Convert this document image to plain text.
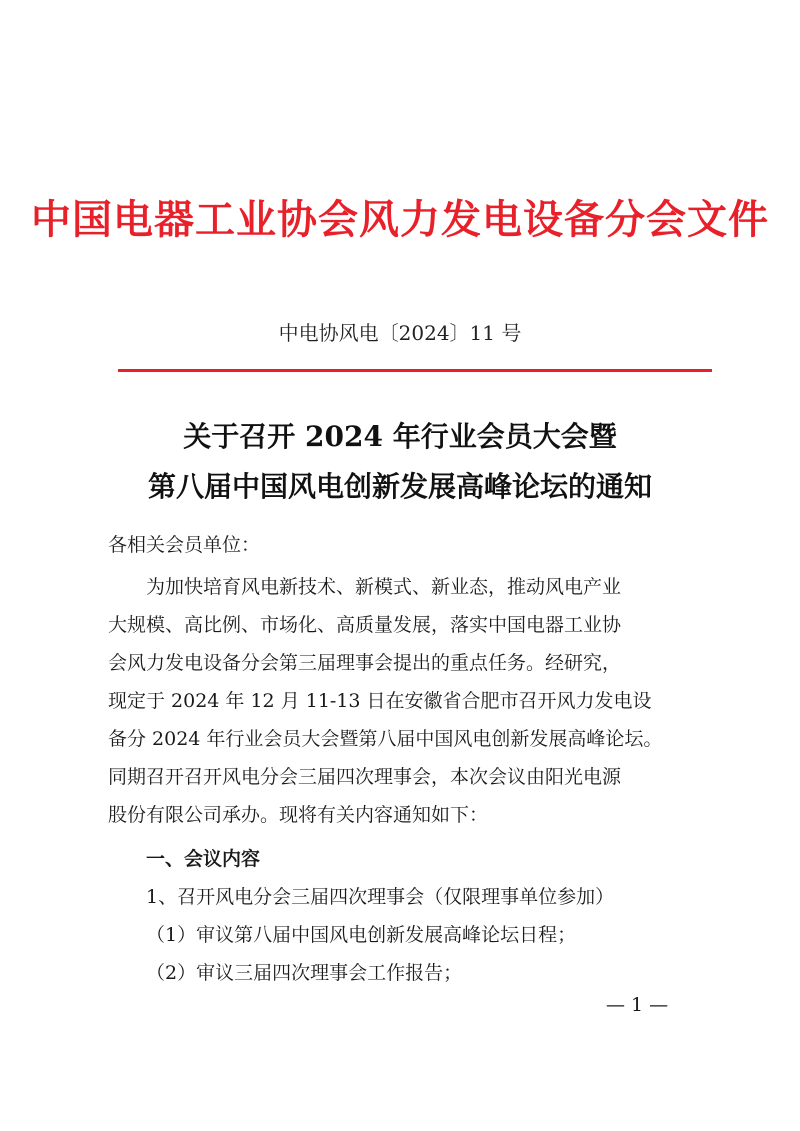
中国电器工业协会风力发电设备分会文件
中电协风电〔2024〕11 号
关于召开 2024 年行业会员大会暨
第八届中国风电创新发展高峰论坛的通知
各相关会员单位：
为加快培育风电新技术、新模式、新业态，推动风电产业
大规模、高比例、市场化、高质量发展，落实中国电器工业协
会风力发电设备分会第三届理事会提出的重点任务。经研究，
现定于 2024 年 12 月 11-13 日在安徽省合肥市召开风力发电设
备分 2024 年行业会员大会暨第八届中国风电创新发展高峰论坛。
同期召开召开风电分会三届四次理事会，本次会议由阳光电源
股份有限公司承办。现将有关内容通知如下：
一、会议内容
1、召开风电分会三届四次理事会（仅限理事单位参加）
（1）审议第八届中国风电创新发展高峰论坛日程；
（2）审议三届四次理事会工作报告；
— 1 —
